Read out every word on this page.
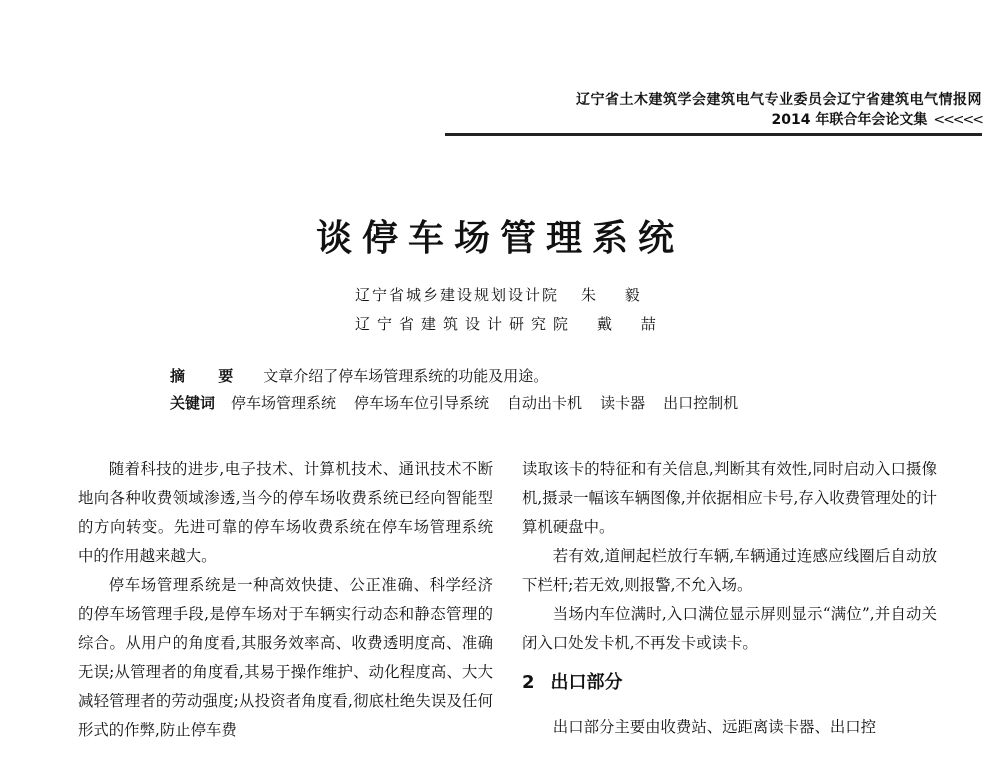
辽宁省土木建筑学会建筑电气专业委员会辽宁省建筑电气情报网
2014 年联合年会论文集 <<<<<
谈停车场管理系统
辽宁省城乡建设规划设计院 朱 毅
辽宁省建筑设计研究院 戴 喆
摘 要 文章介绍了停车场管理系统的功能及用途。
关键词 停车场管理系统 停车场车位引导系统 自动出卡机 读卡器 出口控制机

随着科技的进步,电子技术、计算机技术、通讯技术不断地向各种收费领域渗透,当今的停车场收费系统已经向智能型的方向转变。先进可靠的停车场收费系统在停车场管理系统中的作用越来越大。

停车场管理系统是一种高效快捷、公正准确、科学经济的停车场管理手段,是停车场对于车辆实行动态和静态管理的综合。从用户的角度看,其服务效率高、收费透明度高、准确无误;从管理者的角度看,其易于操作维护、动化程度高、大大减轻管理者的劳动强度;从投资者角度看,彻底杜绝失误及任何形式的作弊,防止停车费

读取该卡的特征和有关信息,判断其有效性,同时启动入口摄像机,摄录一幅该车辆图像,并依据相应卡号,存入收费管理处的计算机硬盘中。

若有效,道闸起栏放行车辆,车辆通过连感应线圈后自动放下栏杆;若无效,则报警,不允入场。

当场内车位满时,入口满位显示屏则显示“满位”,并自动关闭入口处发卡机,不再发卡或读卡。

2 出口部分

出口部分主要由收费站、远距离读卡器、出口控
